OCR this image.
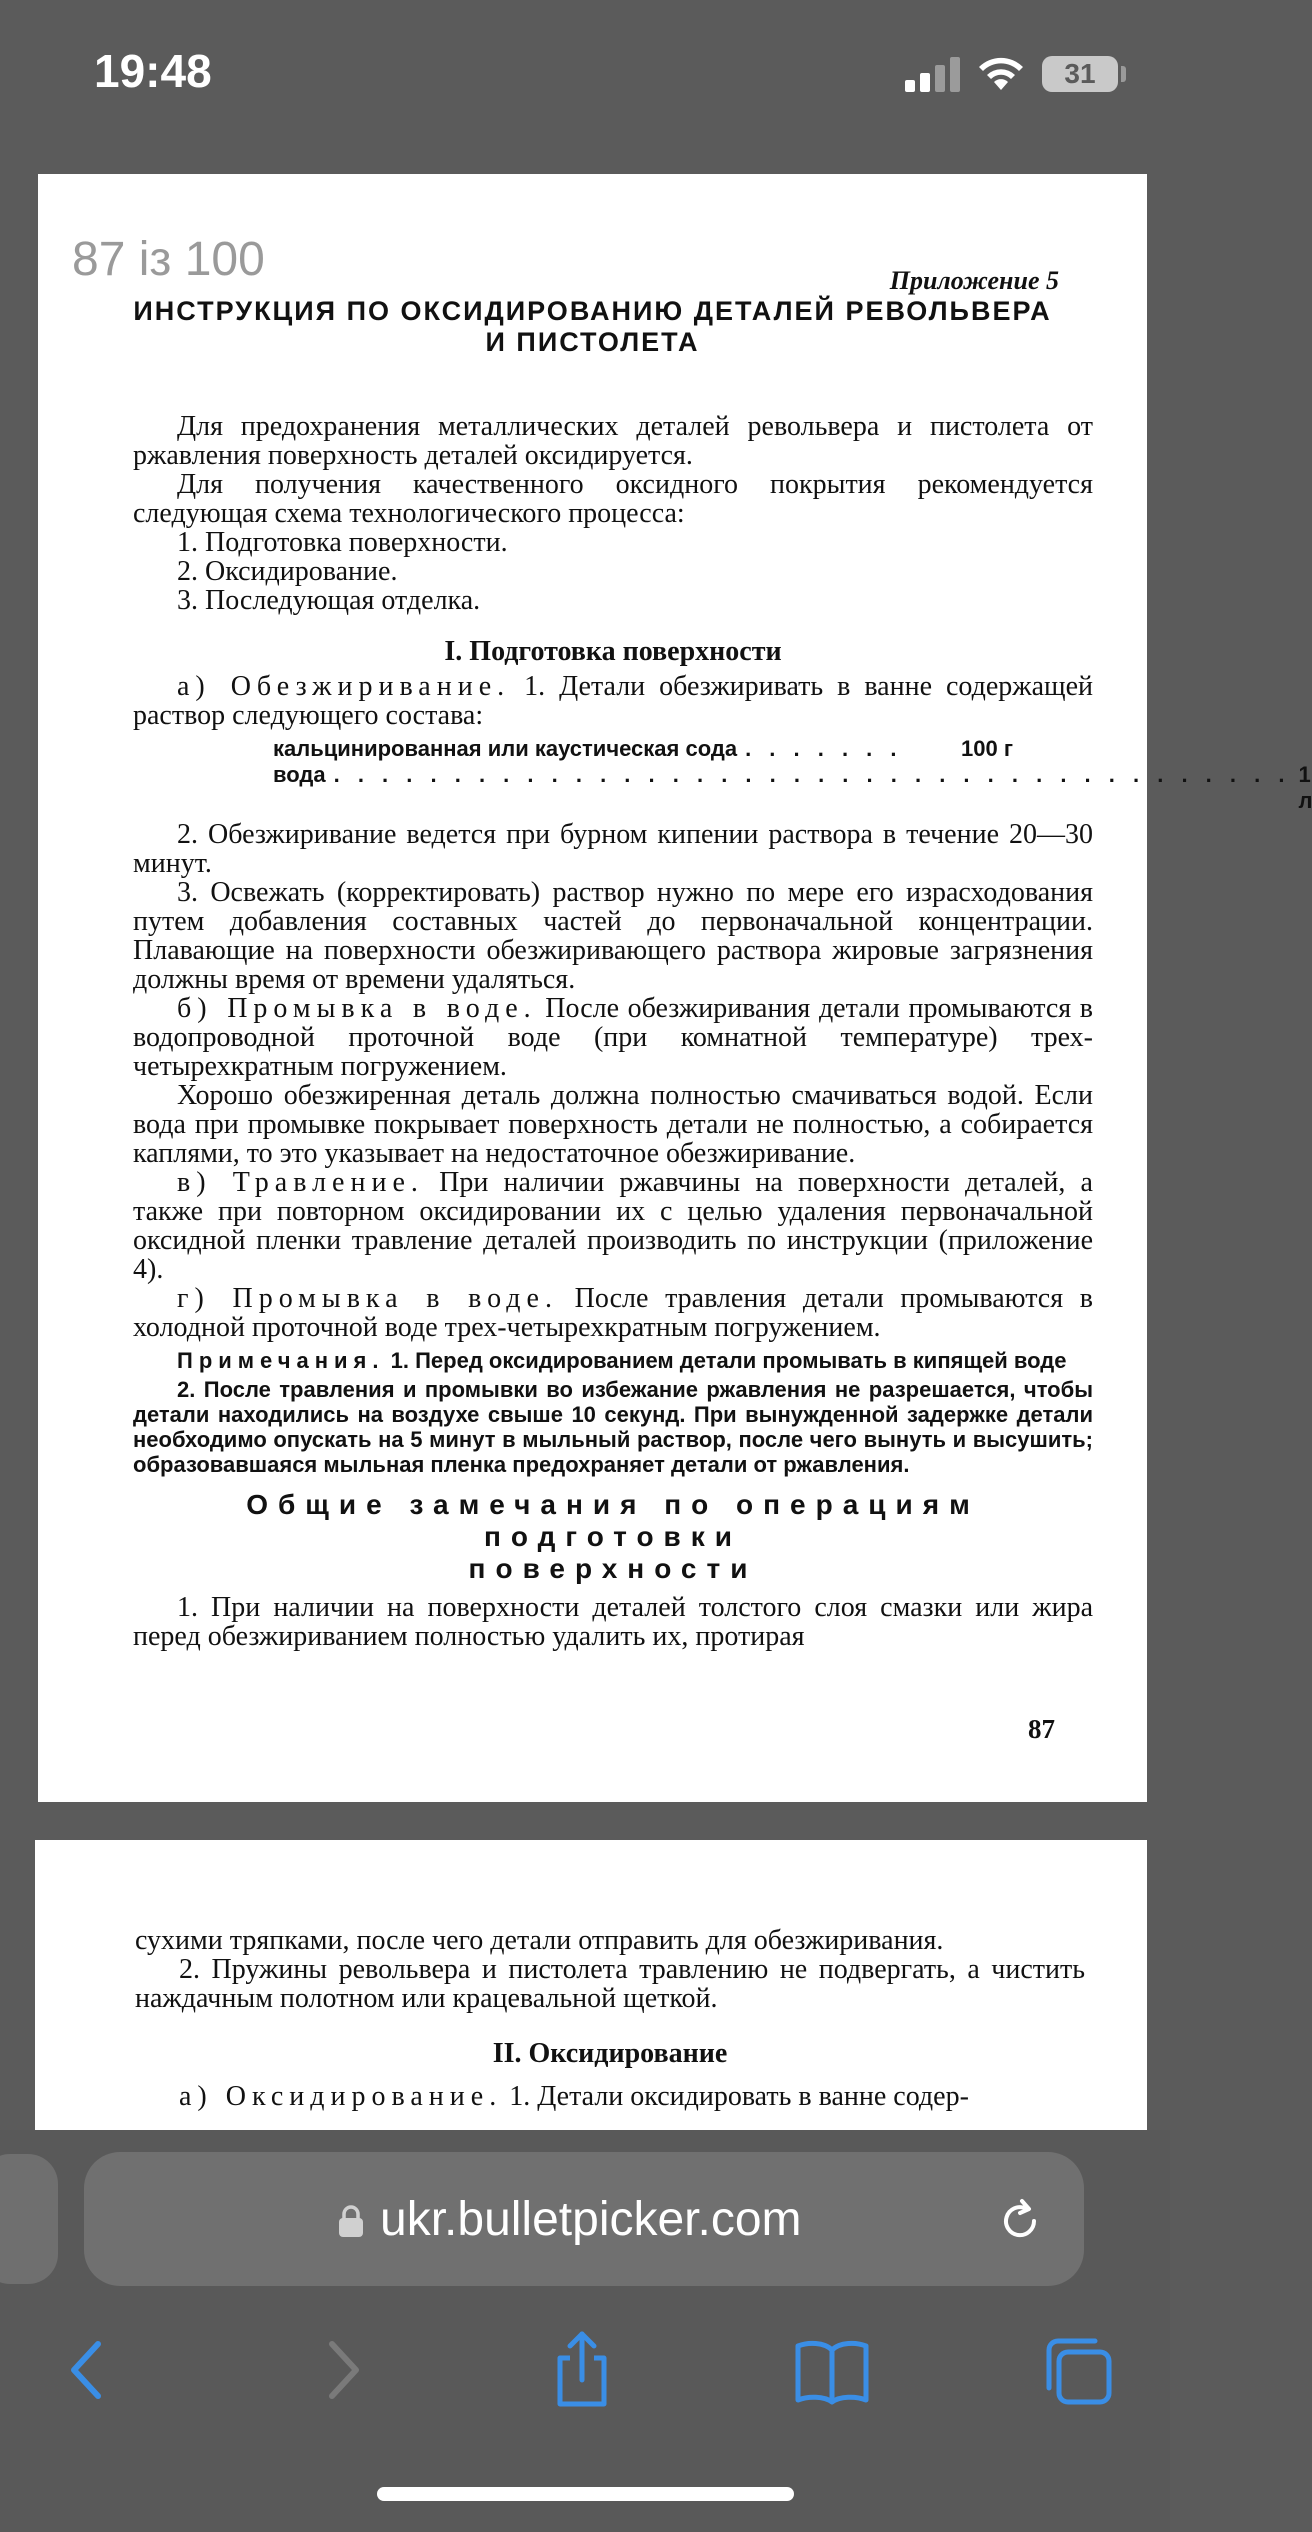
19:48	31
87 із 100	Приложение 5
ИНСТРУКЦИЯ ПО ОКСИДИРОВАНИЮ ДЕТАЛЕЙ РЕВОЛЬВЕРА
И ПИСТОЛЕТА

Для предохранения металлических деталей револьвера и пистолета от ржавления поверхность деталей оксидируется.

Для получения качественного оксидного покрытия рекомендуется следующая схема технологического процесса:

1. Подготовка поверхности.
2. Оксидирование.
3. Последующая отделка.
I. Подготовка поверхности

а) Обезжиривание. 1. Детали обезжиривать в ванне содержащей раствор следующего состава:

кальцинированная или каустическая сода . . . . . . .	100 г
вода . . . . . . . . . . . . . . . . . . . . . . . . . . . . . . . . . . . . . . . . 1 л

2. Обезжиривание ведется при бурном кипении раствора в течение 20—30 минут.

3. Освежать (корректировать) раствор нужно по мере его израсходования путем добавления составных частей до первоначальной концентрации. Плавающие на поверхности обезжиривающего раствора жировые загрязнения должны время от времени удаляться.

б) Промывка в воде. После обезжиривания детали промываются в водопроводной проточной воде (при комнатной температуре) трех-четырехкратным погружением.

Хорошо обезжиренная деталь должна полностью смачиваться водой. Если вода при промывке покрывает поверхность детали не полностью, а собирается каплями, то это указывает на недостаточное обезжиривание.

в) Травление. При наличии ржавчины на поверхности деталей, а также при повторном оксидировании их с целью удаления первоначальной оксидной пленки травление деталей производить по инструкции (приложение 4).

г) Промывка в воде. После травления детали промываются в холодной проточной воде трех-четырехкратным погружением.

Примечания. 1. Перед оксидированием детали промывать в кипящей воде

2. После травления и промывки во избежание ржавления не разрешается, чтобы детали находились на воздухе свыше 10 секунд. При вынужденной задержке детали необходимо опускать на 5 минут в мыльный раствор, после чего вынуть и высушить; образовавшаяся мыльная пленка предохраняет детали от ржавления.

Общие замечания по операциям подготовки
поверхности

1. При наличии на поверхности деталей толстого слоя смазки или жира перед обезжириванием полностью удалить их, протирая

87

сухими тряпками, после чего детали отправить для обезжиривания.

2. Пружины револьвера и пистолета травлению не подвергать, а чистить наждачным полотном или крацевальной щеткой.

II. Оксидирование

а) Оксидирование. 1. Детали оксидировать в ванне содер-

ukr.bulletpicker.com
